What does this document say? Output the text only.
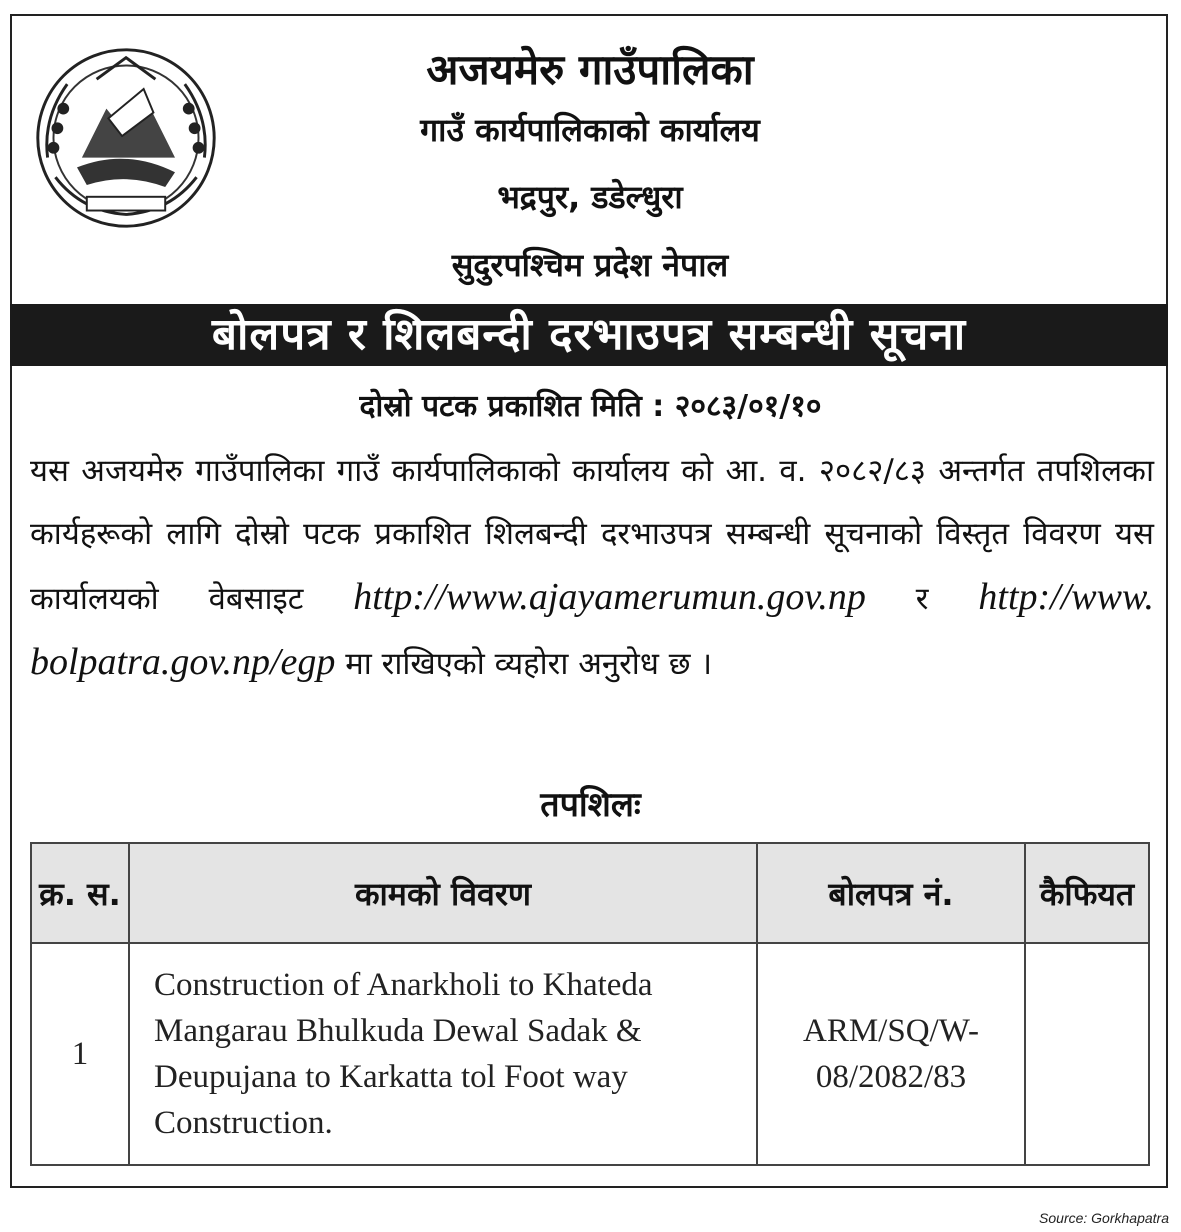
अजयमेरु गाउँपालिका
गाउँ कार्यपालिकाको कार्यालय
भद्रपुर, डडेल्धुरा
सुदुरपश्चिम प्रदेश नेपाल
बोलपत्र र शिलबन्दी दरभाउपत्र सम्बन्धी सूचना
दोस्रो पटक प्रकाशित मिति : २०८३/०१/१०
यस अजयमेरु गाउँपालिका गाउँ कार्यपालिकाको कार्यालय को आ. व. २०८२/८३ अन्तर्गत तपशिलका कार्यहरूको लागि दोस्रो पटक प्रकाशित शिलबन्दी दरभाउपत्र सम्बन्धी सूचनाको विस्तृत विवरण यस कार्यालयको वेबसाइट http://www.ajayamerumun.gov.np र http://www. bolpatra.gov.np/egp मा राखिएको व्यहोरा अनुरोध छ ।
तपशिलः
क्र. स.	कामको विवरण	बोलपत्र नं.	कैफियत
1	Construction of Anarkholi to Khateda Mangarau Bhulkuda Dewal Sadak & Deupujana to Karkatta tol Foot way Construction.	ARM/SQ/W-08/2082/83	
Source: Gorkhapatra
